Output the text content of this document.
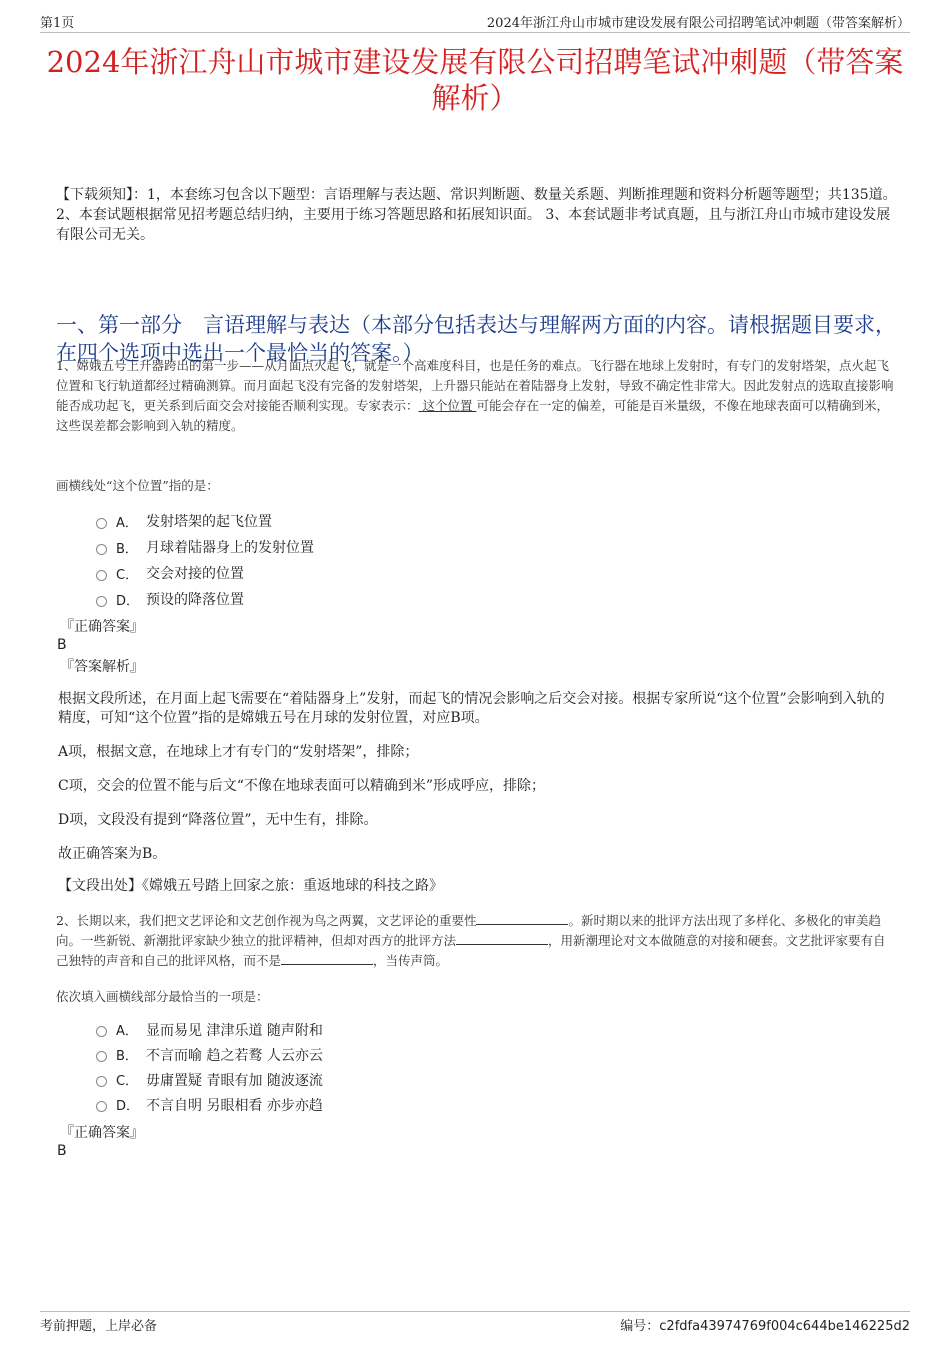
第1页	2024年浙江舟山市城市建设发展有限公司招聘笔试冲刺题（带答案解析）
2024年浙江舟山市城市建设发展有限公司招聘笔试冲刺题（带答案解析）
【下载须知】：1，本套练习包含以下题型：言语理解与表达题、常识判断题、数量关系题、判断推理题和资料分析题等题型；共135道。 2、本套试题根据常见招考题总结归纳，主要用于练习答题思路和拓展知识面。 3、本套试题非考试真题，且与浙江舟山市城市建设发展有限公司无关。
一、第一部分　言语理解与表达（本部分包括表达与理解两方面的内容。请根据题目要求，在四个选项中选出一个最恰当的答案。）
1、嫦娥五号上升器跨出的第一步——从月面点火起飞，就是一个高难度科目，也是任务的难点。飞行器在地球上发射时，有专门的发射塔架，点火起飞位置和飞行轨道都经过精确测算。而月面起飞没有完备的发射塔架，上升器只能站在着陆器身上发射，导致不确定性非常大。因此发射点的选取直接影响能否成功起飞，更关系到后面交会对接能否顺利实现。专家表示： 这个位置 可能会存在一定的偏差，可能是百米量级，不像在地球表面可以精确到米，这些误差都会影响到入轨的精度。
画横线处“这个位置”指的是：
A． 发射塔架的起飞位置
B． 月球着陆器身上的发射位置
C． 交会对接的位置
D． 预设的降落位置
『正确答案』
B
『答案解析』
根据文段所述，在月面上起飞需要在“着陆器身上”发射，而起飞的情况会影响之后交会对接。根据专家所说“这个位置”会影响到入轨的精度，可知“这个位置”指的是嫦娥五号在月球的发射位置，对应B项。
A项，根据文意，在地球上才有专门的“发射塔架”，排除；
C项，交会的位置不能与后文“不像在地球表面可以精确到米”形成呼应，排除；
D项，文段没有提到“降落位置”，无中生有，排除。
故正确答案为B。
【文段出处】《嫦娥五号踏上回家之旅：重返地球的科技之路》
2、长期以来，我们把文艺评论和文艺创作视为鸟之两翼，文艺评论的重要性	。新时期以来的批评方法出现了多样化、多极化的审美趋向。一些新锐、新潮批评家缺少独立的批评精神，但却对西方的批评方法	，用新潮理论对文本做随意的对接和硬套。文艺批评家要有自己独特的声音和自己的批评风格，而不是	，当传声筒。
依次填入画横线部分最恰当的一项是：
A． 显而易见 津津乐道 随声附和
B． 不言而喻 趋之若鹜 人云亦云
C． 毋庸置疑 青眼有加 随波逐流
D． 不言自明 另眼相看 亦步亦趋
『正确答案』
B
考前押题，上岸必备	编号：c2fdfa43974769f004c644be146225d2
